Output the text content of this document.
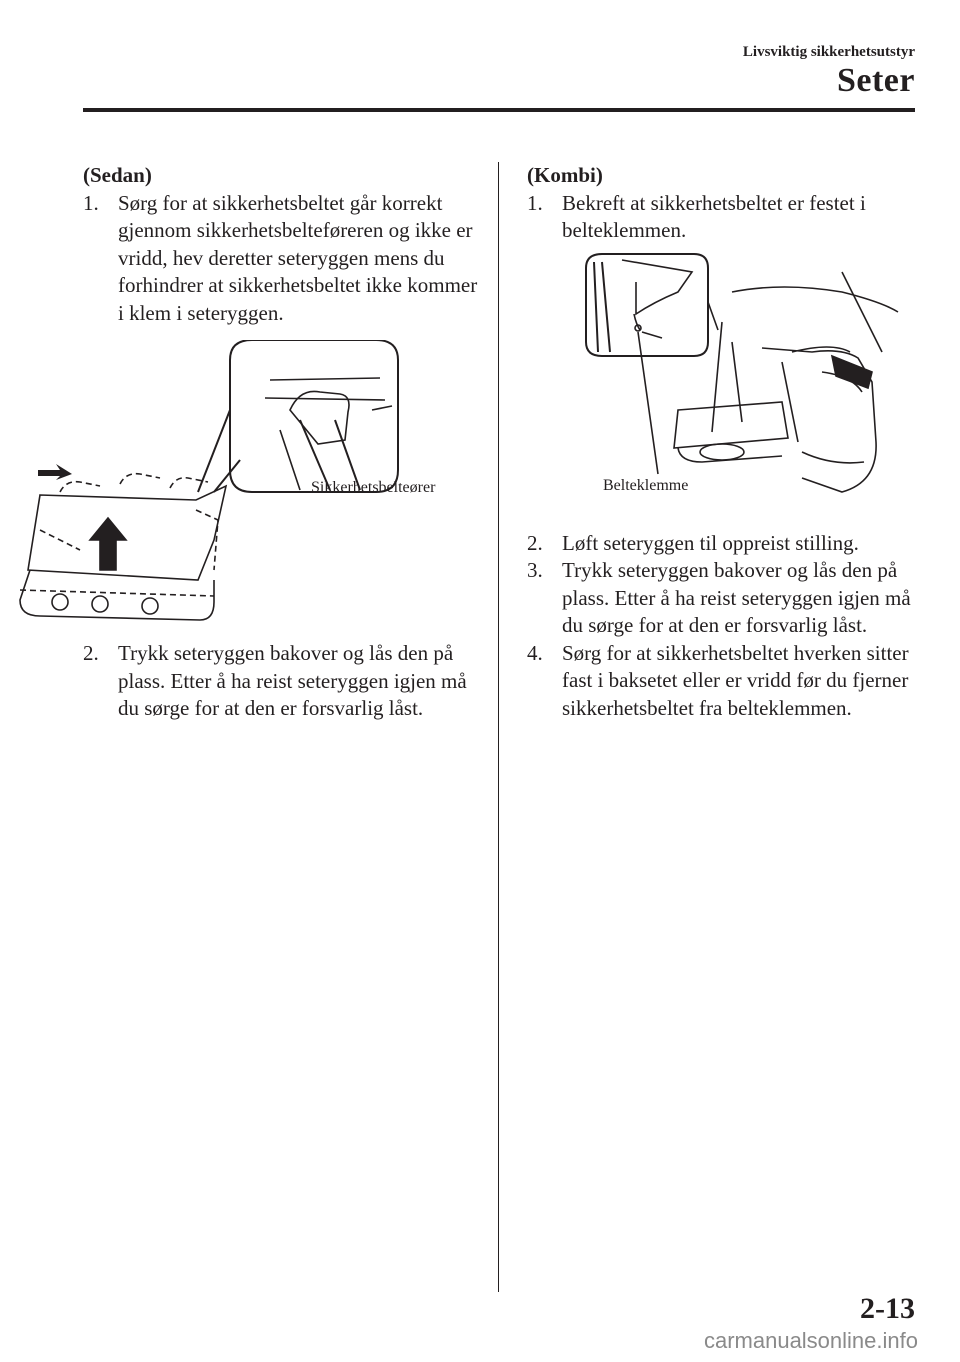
Livsviktig sikkerhetsutstyr
Seter

(Sedan)

1. Sørg for at sikkerhetsbeltet går korrekt gjennom sikkerhetsbelteføreren og ikke er vridd, hev deretter seteryggen mens du forhindrer at sikkerhetsbeltet ikke kommer i klem i seteryggen.
Sikkerhetsbelteører
2. Trykk seteryggen bakover og lås den på plass. Etter å ha reist seteryggen igjen må du sørge for at den er forsvarlig låst.

(Kombi)

1. Bekreft at sikkerhetsbeltet er festet i belteklemmen.
Belteklemme
2. Løft seteryggen til oppreist stilling.
3. Trykk seteryggen bakover og lås den på plass. Etter å ha reist seteryggen igjen må du sørge for at den er forsvarlig låst.
4. Sørg for at sikkerhetsbeltet hverken sitter fast i baksetet eller er vridd før du fjerner sikkerhetsbeltet fra belteklemmen.
2-13
carmanualsonline.info
